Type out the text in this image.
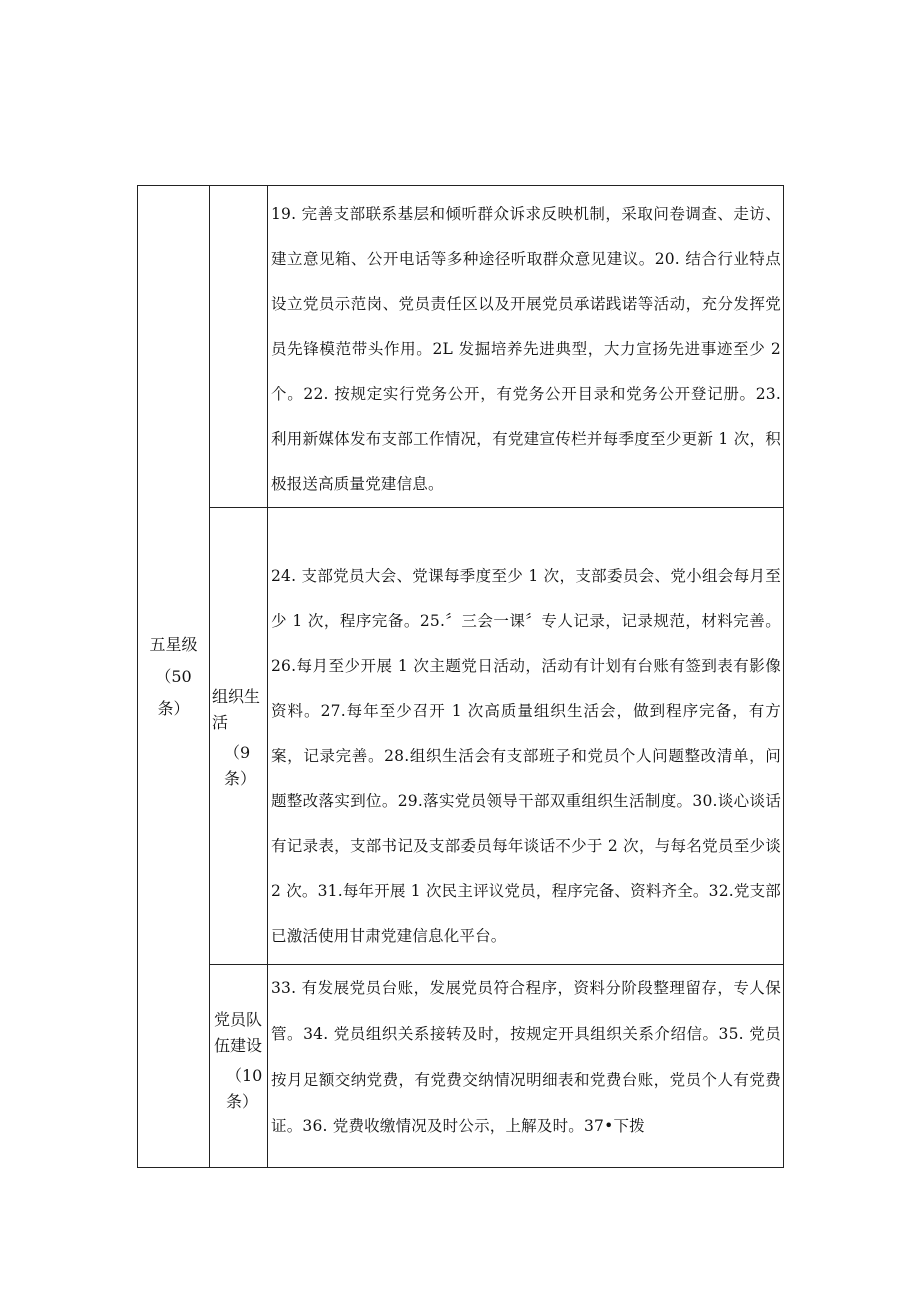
五星级（50条）		19. 完善支部联系基层和倾听群众诉求反映机制，采取问卷调查、走访、建立意见箱、公开电话等多种途径听取群众意见建议。20. 结合行业特点设立党员示范岗、党员责任区以及开展党员承诺践诺等活动，充分发挥党员先锋模范带头作用。2L 发掘培养先进典型，大力宣扬先进事迹至少 2 个。22. 按规定实行党务公开，有党务公开目录和党务公开登记册。23.利用新媒体发布支部工作情况，有党建宣传栏并每季度至少更新 1 次，积极报送高质量党建信息。

	组织生活
（9条）	24. 支部党员大会、党课每季度至少 1 次，支部委员会、党小组会每月至少 1 次，程序完备。25.〞三会一课〞专人记录，记录规范，材料完善。26.每月至少开展 1 次主题党日活动，活动有计划有台账有签到表有影像资料。27.每年至少召开 1 次高质量组织生活会，做到程序完备，有方案，记录完善。28.组织生活会有支部班子和党员个人问题整改清单，问题整改落实到位。29.落实党员领导干部双重组织生活制度。30.谈心谈话有记录表，支部书记及支部委员每年谈话不少于 2 次，与每名党员至少谈 2 次。31.每年开展 1 次民主评议党员，程序完备、资料齐全。32.党支部已激活使用甘肃党建信息化平台。

	党员队伍建设
（10条）	33. 有发展党员台账，发展党员符合程序，资料分阶段整理留存，专人保管。34. 党员组织关系接转及时，按规定开具组织关系介绍信。35. 党员按月足额交纳党费，有党费交纳情况明细表和党费台账，党员个人有党费证。36. 党费收缴情况及时公示，上解及时。37•下拨
